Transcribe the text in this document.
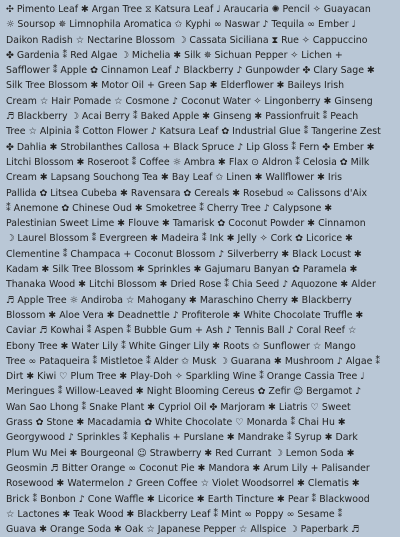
✣ Pimento Leaf ✱ Argan Tree ⧖ Katsura Leaf ♩ Araucaria ✺ Pencil ✧ Guayacan
☼ Soursop ✵ Limnophila Aromatica ✩ Kyphi ∞ Naswar ♪ Tequila ∞ Ember ♩
Daikon Radish ☆ Nectarine Blossom ☽ Cassata Siciliana ⧗ Rue ✧ Cappuccino
✤ Gardenia ⁑ Red Algae ☽ Michelia ✱ Silk ✵ Sichuan Pepper ✧ Lichen +
Safflower ⁑ Apple ✿ Cinnamon Leaf ♪ Blackberry ♪ Gunpowder ✤ Clary Sage ✱
Silk Tree Blossom ✱ Motor Oil + Green Sap ✱ Elderflower ✱ Baileys Irish
Cream ☆ Hair Pomade ☆ Cosmone ♪ Coconut Water ✧ Lingonberry ✱ Ginseng
♬ Blackberry ☽ Acai Berry ⁑ Baked Apple ✱ Ginseng ✱ Passionfruit ⁑ Peach
Tree ☆ Alpinia ⁑ Cotton Flower ♪ Katsura Leaf ✿ Industrial Glue ⁑ Tangerine Zest
✤ Dahlia ✱ Strobilanthes Callosa + Black Spruce ♪ Lip Gloss ⁑ Fern ✤ Ember ✱
Litchi Blossom ✱ Roseroot ⁑ Coffee ☼ Ambra ✱ Flax ⊙ Aldron ⁑ Celosia ✿ Milk
Cream ✱ Lapsang Souchong Tea ✱ Bay Leaf ✩ Linen ✱ Wallflower ✱ Iris
Pallida ✿ Litsea Cubeba ✱ Ravensara ✿ Cereals ✱ Rosebud ∞ Calissons d'Aix
⁑ Anemone ✿ Chinese Oud ✱ Smoketree ⁑ Cherry Tree ♪ Calypsone ✱
Palestinian Sweet Lime ✱ Flouve ✱ Tamarisk ✿ Coconut Powder ✱ Cinnamon
☽ Laurel Blossom ⁑ Evergreen ✱ Madeira ⁑ Ink ✱ Jelly ✧ Cork ✿ Licorice ✱
Clementine ⁑ Champaca + Coconut Blossom ♪ Silverberry ✱ Black Locust ✱
Kadam ✱ Silk Tree Blossom ✱ Sprinkles ✱ Gajumaru Banyan ✿ Paramela ✱
Thanaka Wood ✱ Litchi Blossom ✱ Dried Rose ⁑ Chia Seed ♪ Aquozone ✱ Alder
♬ Apple Tree ☼ Andiroba ☆ Mahogany ✱ Maraschino Cherry ✱ Blackberry
Blossom ✱ Aloe Vera ✱ Deadnettle ♪ Profiterole ✱ White Chocolate Truffle ✱
Caviar ♬ Kowhai ⁑ Aspen ⁑ Bubble Gum + Ash ♪ Tennis Ball ♪ Coral Reef ☆
Ebony Tree ✱ Water Lily ⁑ White Ginger Lily ✱ Roots ✩ Sunflower ☆ Mango
Tree ∞ Pataqueira ⁑ Mistletoe ⁑ Alder ✩ Musk ☽ Guarana ✱ Mushroom ♪ Algae ⁑
Dirt ✱ Kiwi ♡ Plum Tree ✱ Play-Doh ✧ Sparkling Wine ⁑ Orange Cassia Tree ♩
Meringues ⁑ Willow-Leaved ✱ Night Blooming Cereus ✿ Zefir ☺ Bergamot ♪
Wan Sao Lhong ⁑ Snake Plant ✱ Cypriol Oil ✤ Marjoram ✱ Liatris ♡ Sweet
Grass ✿ Stone ✱ Macadamia ✿ White Chocolate ♡ Monarda ⁑ Chai Hu ✱
Georgywood ♪ Sprinkles ⁑ Kephalis + Purslane ✱ Mandrake ⁑ Syrup ✱ Dark
Plum Wu Mei ✱ Bourgeonal ☺ Strawberry ✱ Red Currant ☽ Lemon Soda ✱
Geosmin ♬ Bitter Orange ∞ Coconut Pie ✱ Mandora ✱ Arum Lily + Palisander
Rosewood ✱ Watermelon ♪ Green Coffee ☆ Violet Woodsorrel ✱ Clematis ✱
Brick ⁑ Bonbon ♪ Cone Waffle ✱ Licorice ✱ Earth Tincture ✱ Pear ⁑ Blackwood
☆ Lactones ✱ Teak Wood ✱ Blackberry Leaf ⁑ Mint ∞ Poppy ∞ Sesame ⁑
Guava ✱ Orange Soda ✱ Oak ☆ Japanese Pepper ☆ Allspice ☽ Paperbark ♬
